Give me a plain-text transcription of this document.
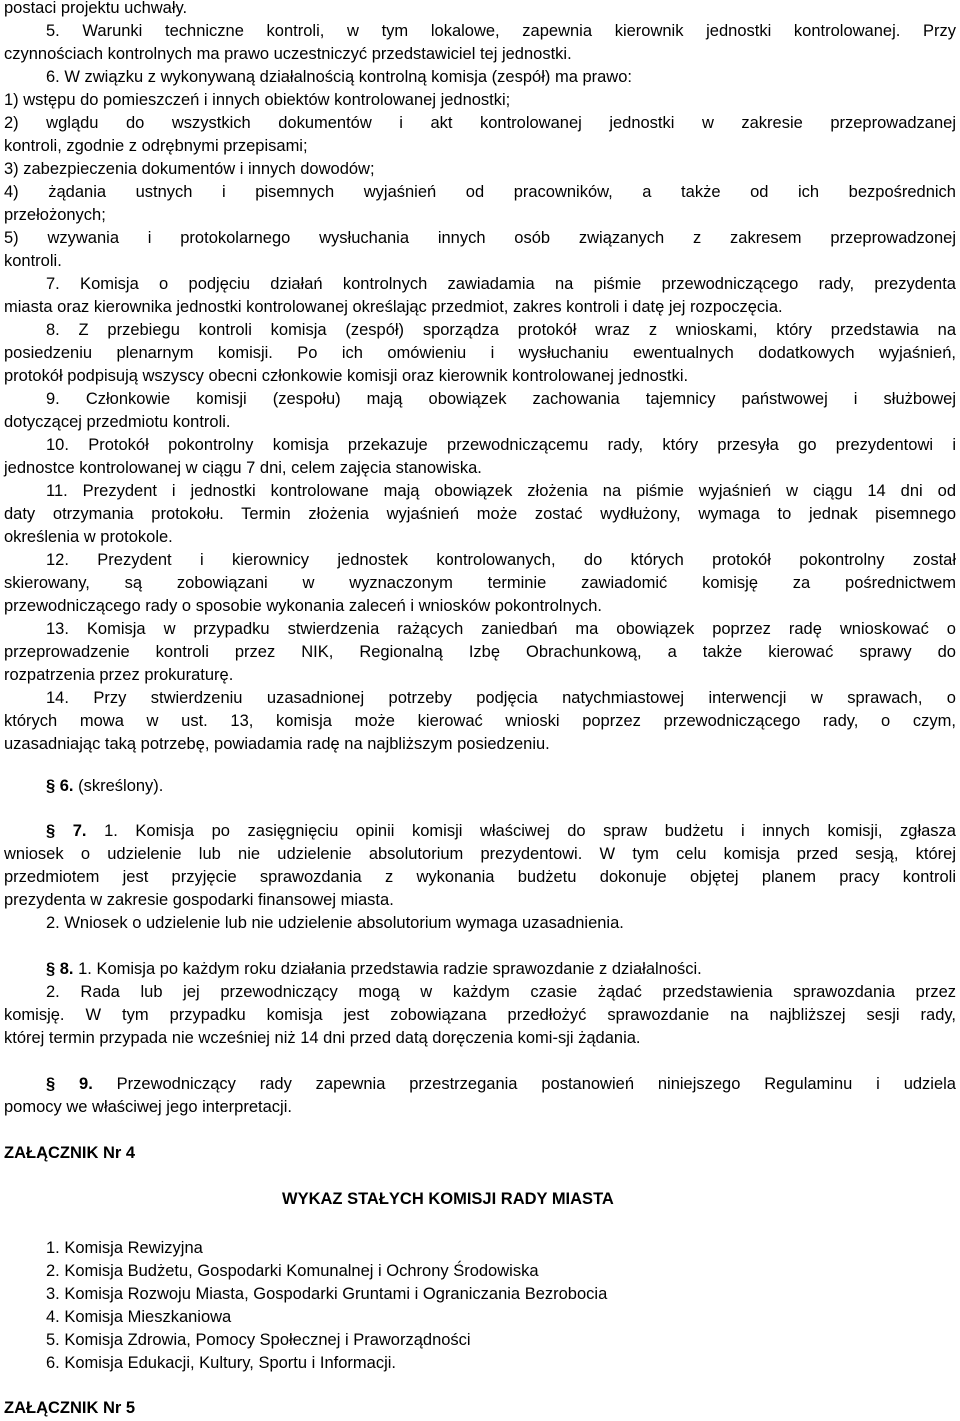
postaci projektu uchwały.
5. Warunki techniczne kontroli, w tym lokalowe, zapewnia kierownik jednostki kontrolowanej. Przy
czynnościach kontrolnych ma prawo uczestniczyć przedstawiciel tej jednostki.
6. W związku z wykonywaną działalnością kontrolną komisja (zespół) ma prawo:
1) wstępu do pomieszczeń i innych obiektów kontrolowanej jednostki;
2) wglądu do wszystkich dokumentów i akt kontrolowanej jednostki w zakresie przeprowadzanej
kontroli, zgodnie z odrębnymi przepisami;
3) zabezpieczenia dokumentów i innych dowodów;
4) żądania ustnych i pisemnych wyjaśnień od pracowników, a także od ich bezpośrednich
przełożonych;
5) wzywania i protokolarnego wysłuchania innych osób związanych z zakresem przeprowadzonej
kontroli.
7. Komisja o podjęciu działań kontrolnych zawiadamia na piśmie przewodniczącego rady, prezydenta
miasta oraz kierownika jednostki kontrolowanej określając przedmiot, zakres kontroli i datę jej rozpoczęcia.
8. Z przebiegu kontroli komisja (zespół) sporządza protokół wraz z wnioskami, który przedstawia na
posiedzeniu plenarnym komisji. Po ich omówieniu i wysłuchaniu ewentualnych dodatkowych wyjaśnień,
protokół podpisują wszyscy obecni członkowie komisji oraz kierownik kontrolowanej jednostki.
9. Członkowie komisji (zespołu) mają obowiązek zachowania tajemnicy państwowej i służbowej
dotyczącej przedmiotu kontroli.
10. Protokół pokontrolny komisja przekazuje przewodniczącemu rady, który przesyła go prezydentowi i
jednostce kontrolowanej w ciągu 7 dni, celem zajęcia stanowiska.
11. Prezydent i jednostki kontrolowane mają obowiązek złożenia na piśmie wyjaśnień w ciągu 14 dni od
daty otrzymania protokołu. Termin złożenia wyjaśnień może zostać wydłużony, wymaga to jednak pisemnego
określenia w protokole.
12. Prezydent i kierownicy jednostek kontrolowanych, do których protokół pokontrolny został
skierowany, są zobowiązani w wyznaczonym terminie zawiadomić komisję za pośrednictwem
przewodniczącego rady o sposobie wykonania zaleceń i wniosków pokontrolnych.
13. Komisja w przypadku stwierdzenia rażących zaniedbań ma obowiązek poprzez radę wnioskować o
przeprowadzenie kontroli przez NIK, Regionalną Izbę Obrachunkową, a także kierować sprawy do
rozpatrzenia przez prokuraturę.
14. Przy stwierdzeniu uzasadnionej potrzeby podjęcia natychmiastowej interwencji w sprawach, o
których mowa w ust. 13, komisja może kierować wnioski poprzez przewodniczącego rady, o czym,
uzasadniając taką potrzebę, powiadamia radę na najbliższym posiedzeniu.
§ 6. (skreślony).
§ 7. 1. Komisja po zasięgnięciu opinii komisji właściwej do spraw budżetu i innych komisji, zgłasza
wniosek o udzielenie lub nie udzielenie absolutorium prezydentowi. W tym celu komisja przed sesją, której
przedmiotem jest przyjęcie sprawozdania z wykonania budżetu dokonuje objętej planem pracy kontroli
prezydenta w zakresie gospodarki finansowej miasta.
2. Wniosek o udzielenie lub nie udzielenie absolutorium wymaga uzasadnienia.
§ 8. 1. Komisja po każdym roku działania przedstawia radzie sprawozdanie z działalności.
2. Rada lub jej przewodniczący mogą w każdym czasie żądać przedstawienia sprawozdania przez
komisję. W tym przypadku komisja jest zobowiązana przedłożyć sprawozdanie na najbliższej sesji rady,
której termin przypada nie wcześniej niż 14 dni przed datą doręczenia komi-sji żądania.
§ 9. Przewodniczący rady zapewnia przestrzegania postanowień niniejszego Regulaminu i udziela
pomocy we właściwej jego interpretacji.
ZAŁĄCZNIK Nr 4
WYKAZ STAŁYCH KOMISJI RADY MIASTA
1. Komisja Rewizyjna
2. Komisja Budżetu, Gospodarki Komunalnej i Ochrony Środowiska
3. Komisja Rozwoju Miasta, Gospodarki Gruntami i Ograniczania Bezrobocia
4. Komisja Mieszkaniowa
5. Komisja Zdrowia, Pomocy Społecznej i Praworządności
6. Komisja Edukacji, Kultury, Sportu i Informacji.
ZAŁĄCZNIK Nr 5
